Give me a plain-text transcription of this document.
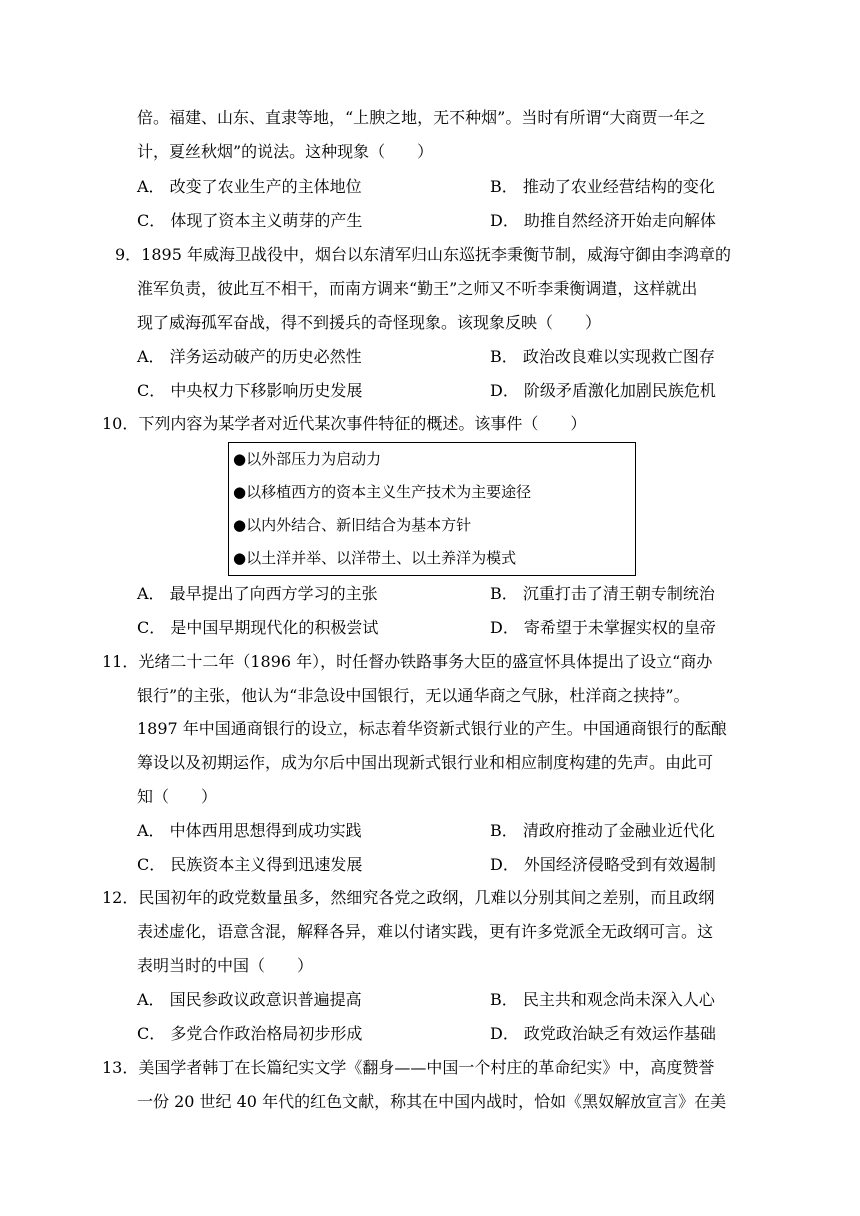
倍。福建、山东、直隶等地，“上腴之地，无不种烟”。当时有所谓“大商贾一年之
计，夏丝秋烟”的说法。这种现象（　　）
A． 改变了农业生产的主体地位	B． 推动了农业经营结构的变化
C． 体现了资本主义萌芽的产生	D． 助推自然经济开始走向解体
9．1895 年威海卫战役中，烟台以东清军归山东巡抚李秉衡节制，威海守御由李鸿章的
淮军负责，彼此互不相干，而南方调来“勤王”之师又不听李秉衡调遣，这样就出
现了威海孤军奋战，得不到援兵的奇怪现象。该现象反映（　　）
A． 洋务运动破产的历史必然性	B． 政治改良难以实现救亡图存
C． 中央权力下移影响历史发展	D． 阶级矛盾激化加剧民族危机
10．下列内容为某学者对近代某次事件特征的概述。该事件（　　）
●以外部压力为启动力
●以移植西方的资本主义生产技术为主要途径
●以内外结合、新旧结合为基本方针
●以土洋并举、以洋带土、以土养洋为模式
A． 最早提出了向西方学习的主张	B． 沉重打击了清王朝专制统治
C． 是中国早期现代化的积极尝试	D． 寄希望于未掌握实权的皇帝
11．光绪二十二年（1896 年），时任督办铁路事务大臣的盛宣怀具体提出了设立“商办
银行”的主张，他认为“非急设中国银行，无以通华商之气脉，杜洋商之挟持”。
1897 年中国通商银行的设立，标志着华资新式银行业的产生。中国通商银行的酝酿
筹设以及初期运作，成为尔后中国出现新式银行业和相应制度构建的先声。由此可
知（　　）
A． 中体西用思想得到成功实践	B． 清政府推动了金融业近代化
C． 民族资本主义得到迅速发展	D． 外国经济侵略受到有效遏制
12．民国初年的政党数量虽多，然细究各党之政纲，几难以分别其间之差别，而且政纲
表述虚化，语意含混，解释各异，难以付诸实践，更有许多党派全无政纲可言。这
表明当时的中国（　　）
A． 国民参政议政意识普遍提高	B． 民主共和观念尚未深入人心
C． 多党合作政治格局初步形成	D． 政党政治缺乏有效运作基础
13．美国学者韩丁在长篇纪实文学《翻身——中国一个村庄的革命纪实》中，高度赞誉
一份 20 世纪 40 年代的红色文献，称其在中国内战时，恰如《黑奴解放宣言》在美
